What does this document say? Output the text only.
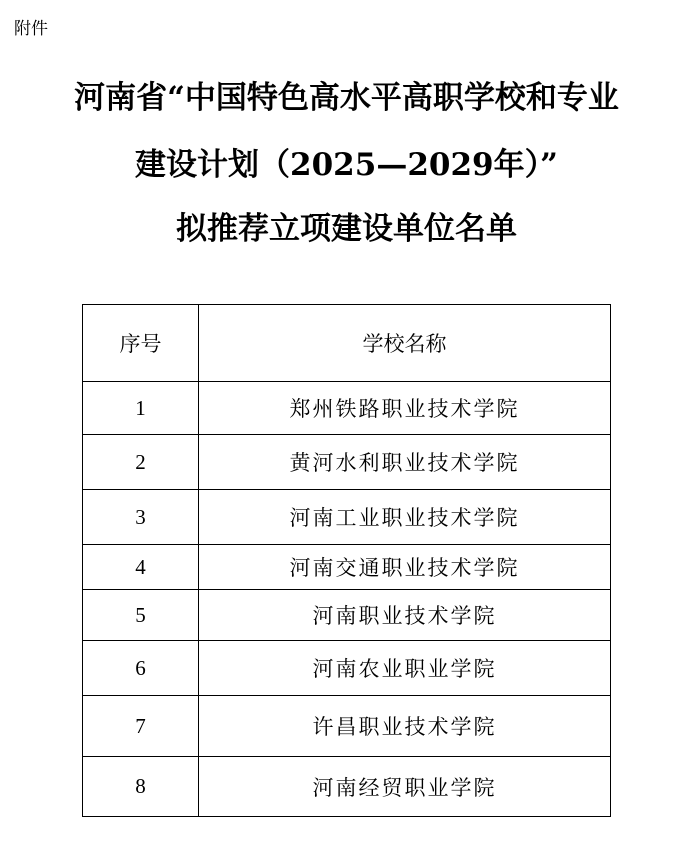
附件
河南省“中国特色高水平高职学校和专业
建设计划（2025—2029年）”
拟推荐立项建设单位名单
序号	学校名称
1	郑州铁路职业技术学院
2	黄河水利职业技术学院
3	河南工业职业技术学院
4	河南交通职业技术学院
5	河南职业技术学院
6	河南农业职业学院
7	许昌职业技术学院
8	河南经贸职业学院
